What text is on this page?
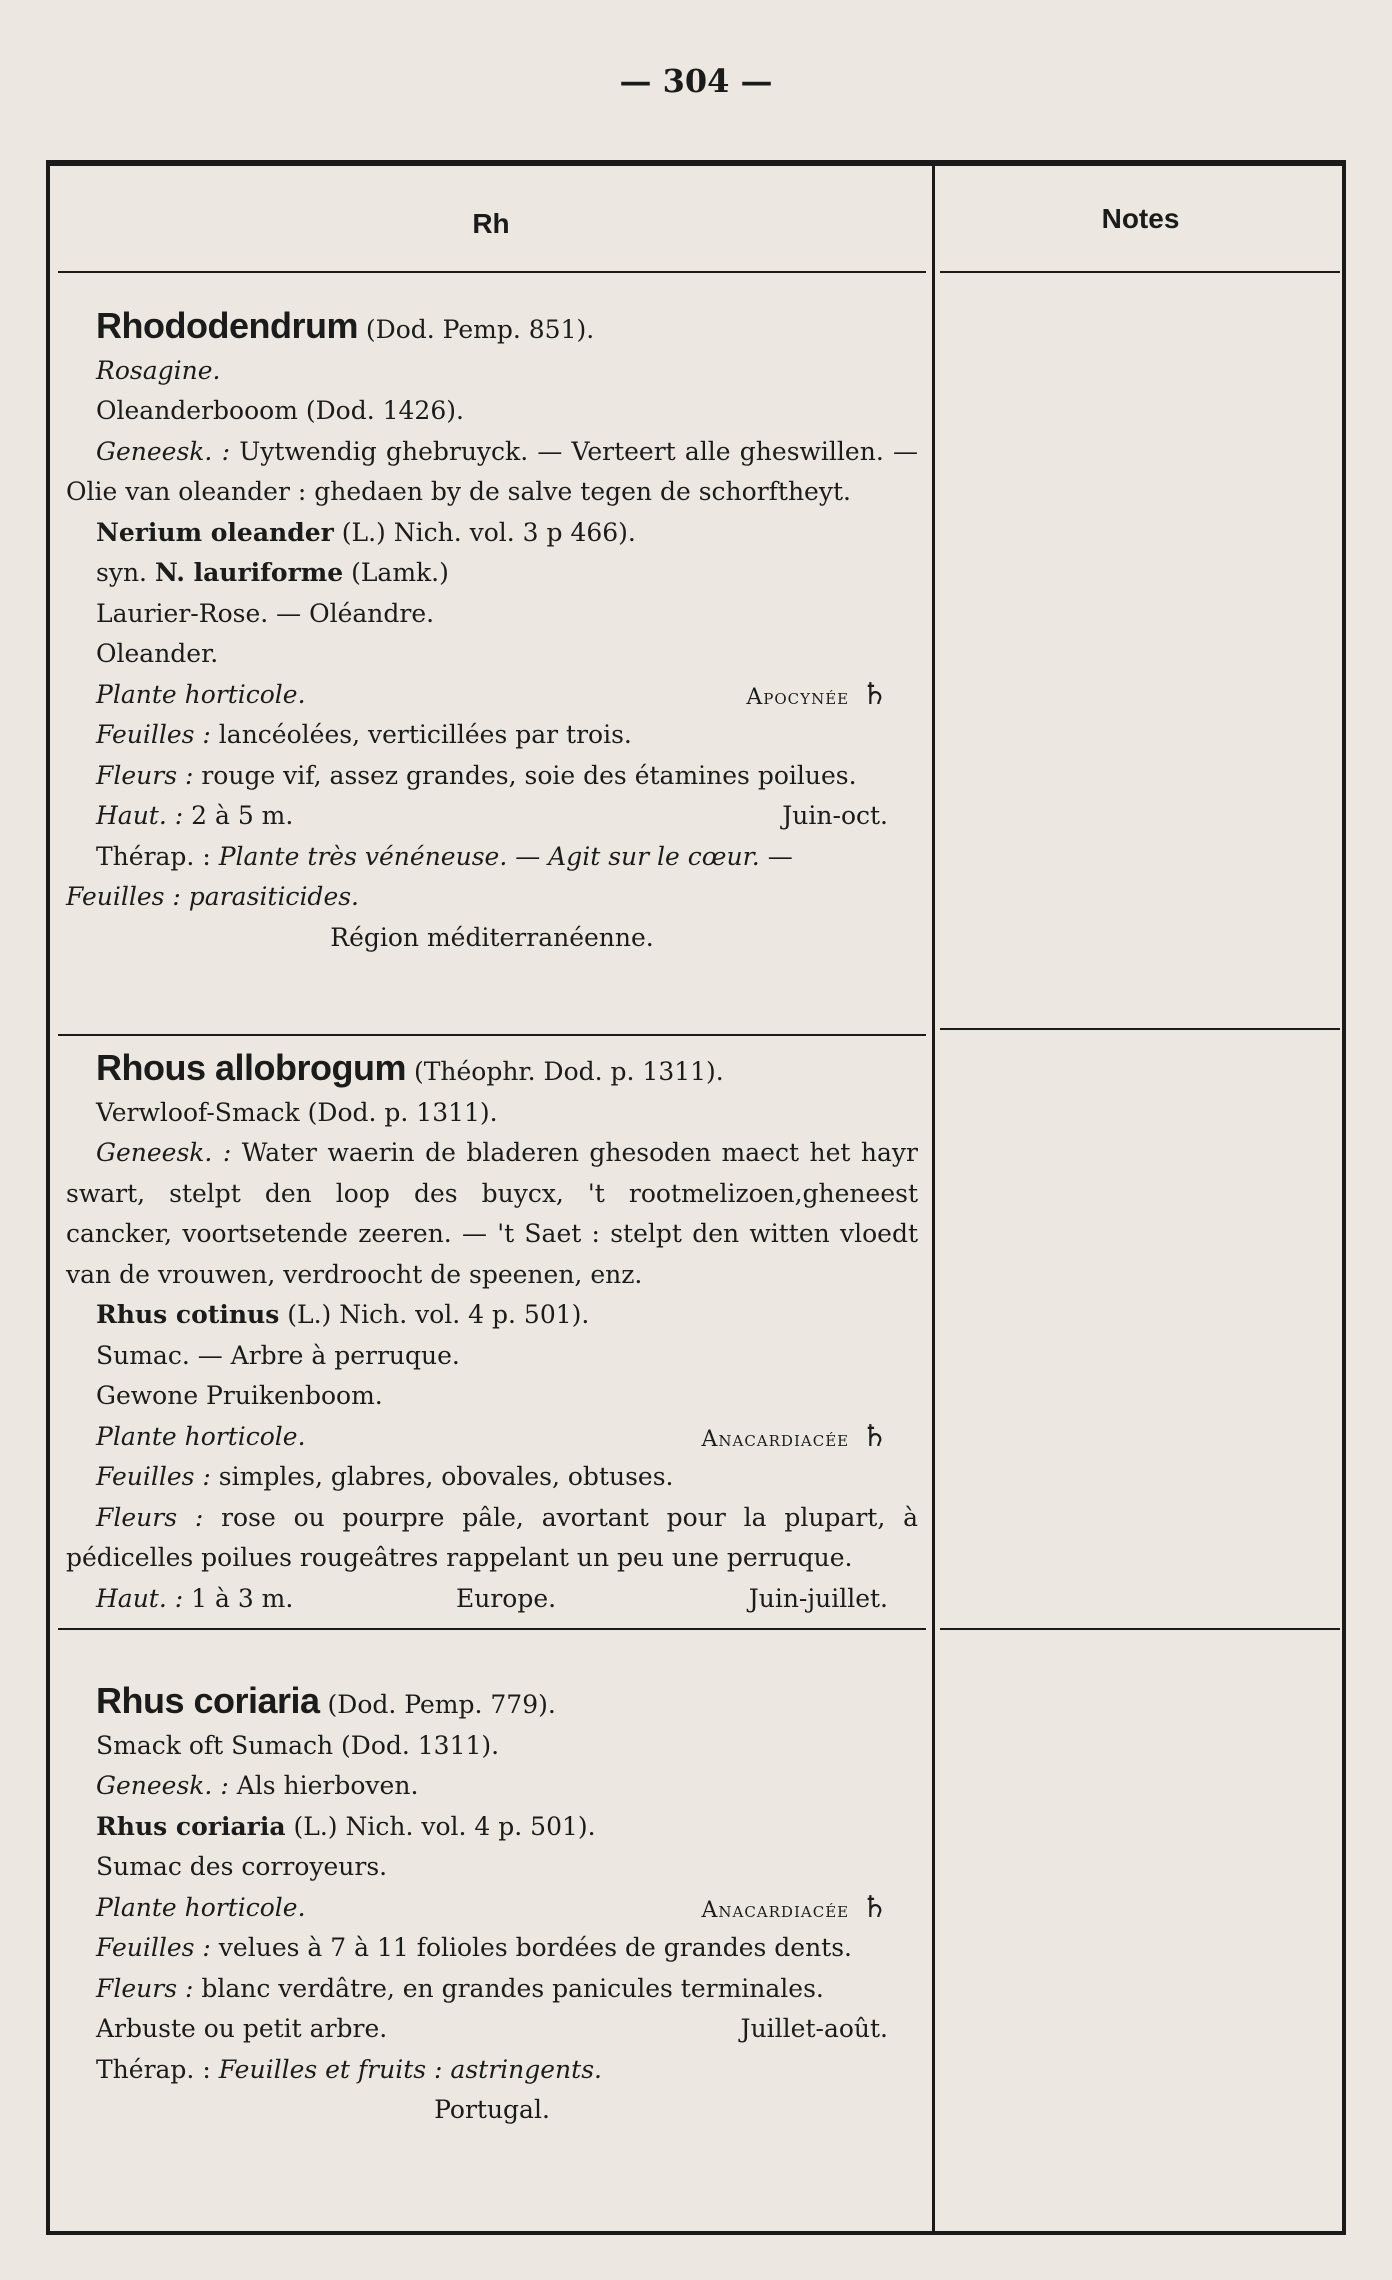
— 304 —
Rh	Notes
Rhododendrum (Dod. Pemp. 851).
Rosagine.
Oleanderbooom (Dod. 1426).
Geneesk. : Uytwendig ghebruyck. — Verteert alle gheswillen. — Olie van oleander : ghedaen by de salve tegen de schorftheyt.
Nerium oleander (L.) Nich. vol. 3 p 466).
syn. N. lauriforme (Lamk.)
Laurier-Rose. — Oléandre.
Oleander.
Plante horticole.	Apocynée ♄
Feuilles : lancéolées, verticillées par trois.
Fleurs : rouge vif, assez grandes, soie des étamines poilues.
Haut. : 2 à 5 m.	Juin-oct.
Thérap. : Plante très vénéneuse. — Agit sur le cœur. —
Feuilles : parasiticides.
Région méditerranéenne.
Rhous allobrogum (Théophr. Dod. p. 1311).
Verwloof-Smack (Dod. p. 1311).
Geneesk. : Water waerin de bladeren ghesoden maect het hayr swart, stelpt den loop des buycx, 't rootmelizoen,gheneest cancker, voortsetende zeeren. — 't Saet : stelpt den witten vloedt van de vrouwen, verdroocht de speenen, enz.
Rhus cotinus (L.) Nich. vol. 4 p. 501).
Sumac. — Arbre à perruque.
Gewone Pruikenboom.
Plante horticole.	Anacardiacée ♄
Feuilles : simples, glabres, obovales, obtuses.
Fleurs : rose ou pourpre pâle, avortant pour la plupart, à pédicelles poilues rougeâtres rappelant un peu une perruque.
Haut. : 1 à 3 m.	Europe.	Juin-juillet.
Rhus coriaria (Dod. Pemp. 779).
Smack oft Sumach (Dod. 1311).
Geneesk. : Als hierboven.
Rhus coriaria (L.) Nich. vol. 4 p. 501).
Sumac des corroyeurs.
Plante horticole.	Anacardiacée ♄
Feuilles : velues à 7 à 11 folioles bordées de grandes dents.
Fleurs : blanc verdâtre, en grandes panicules terminales.
Arbuste ou petit arbre.	Juillet-août.
Thérap. : Feuilles et fruits : astringents.
Portugal.
